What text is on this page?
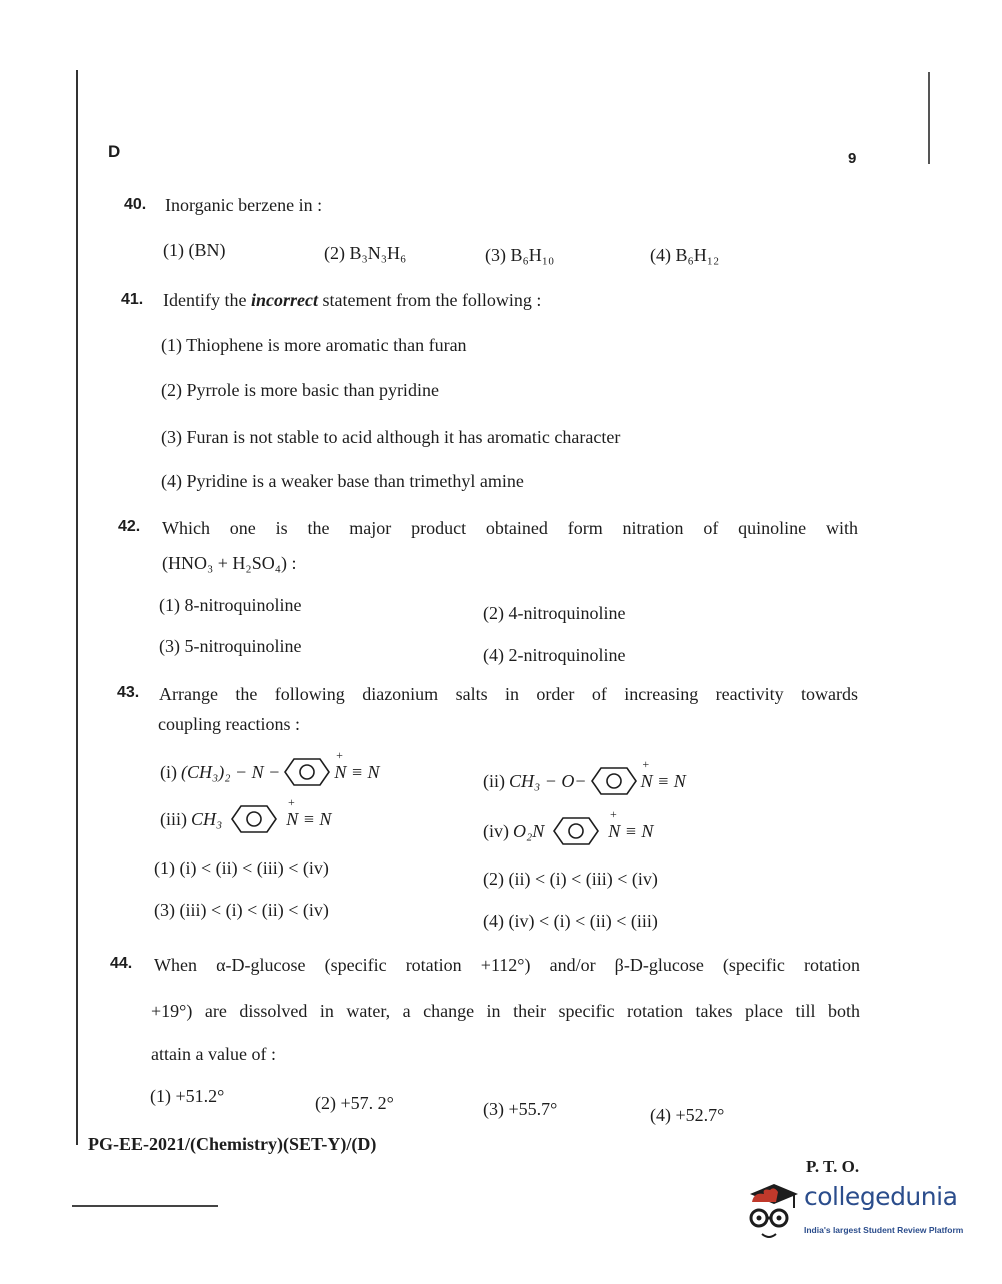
D	9
40. Inorganic berzene in :
(1) (BN)	(2) B₃N₃H₆	(3) B₆H₁₀	(4) B₆H₁₂
41. Identify the incorrect statement from the following :
(1) Thiophene is more aromatic than furan
(2) Pyrrole is more basic than pyridine
(3) Furan is not stable to acid although it has aromatic character
(4) Pyridine is a weaker base than trimethyl amine
42. Which one is the major product obtained form nitration of quinoline with
(HNO₃ + H₂SO₄) :
(1) 8-nitroquinoline	(2) 4-nitroquinoline
(3) 5-nitroquinoline	(4) 2-nitroquinoline
43. Arrange the following diazonium salts in order of increasing reactivity towards
coupling reactions :
(i) (CH₃)₂ − N −	+ N ≡ N	(ii) CH₃ − O−	+ N ≡ N
(iii) CH₃	+ N ≡ N
(iv) O₂N	+ N ≡ N
(1) (i) < (ii) < (iii) < (iv)
(2) (ii) < (i) < (iii) < (iv)
(3) (iii) < (i) < (ii) < (iv)
(4) (iv) < (i) < (ii) < (iii)
44. When α-D-glucose (specific rotation +112°) and/or β-D-glucose (specific rotation
+19°) are dissolved in water, a change in their specific rotation takes place till both
attain a value of :
(1) +51.2°	(2) +57. 2°	(3) +55.7°	(4) +52.7°
PG-EE-2021/(Chemistry)(SET-Y)/(D)
P. T. O.
collegedunia
India's largest Student Review Platform
